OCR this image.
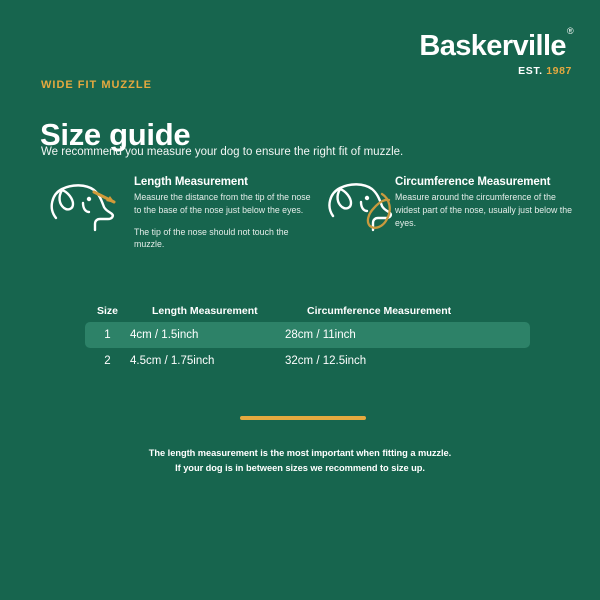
Baskerville®
EST. 1987
WIDE FIT MUZZLE
Size guide
We recommend you measure your dog to ensure the right fit of muzzle.
Length Measurement

Measure the distance from the tip of the nose to the base of the nose just below the eyes.

The tip of the nose should not touch the muzzle.

Circumference Measurement

Measure around the circumference of the widest part of the nose, usually just below the eyes.

Size	Length Measurement	Circumference Measurement
1	4cm / 1.5inch	28cm / 11inch
2	4.5cm / 1.75inch	32cm / 12.5inch
The length measurement is the most important when fitting a muzzle.
If your dog is in between sizes we recommend to size up.
